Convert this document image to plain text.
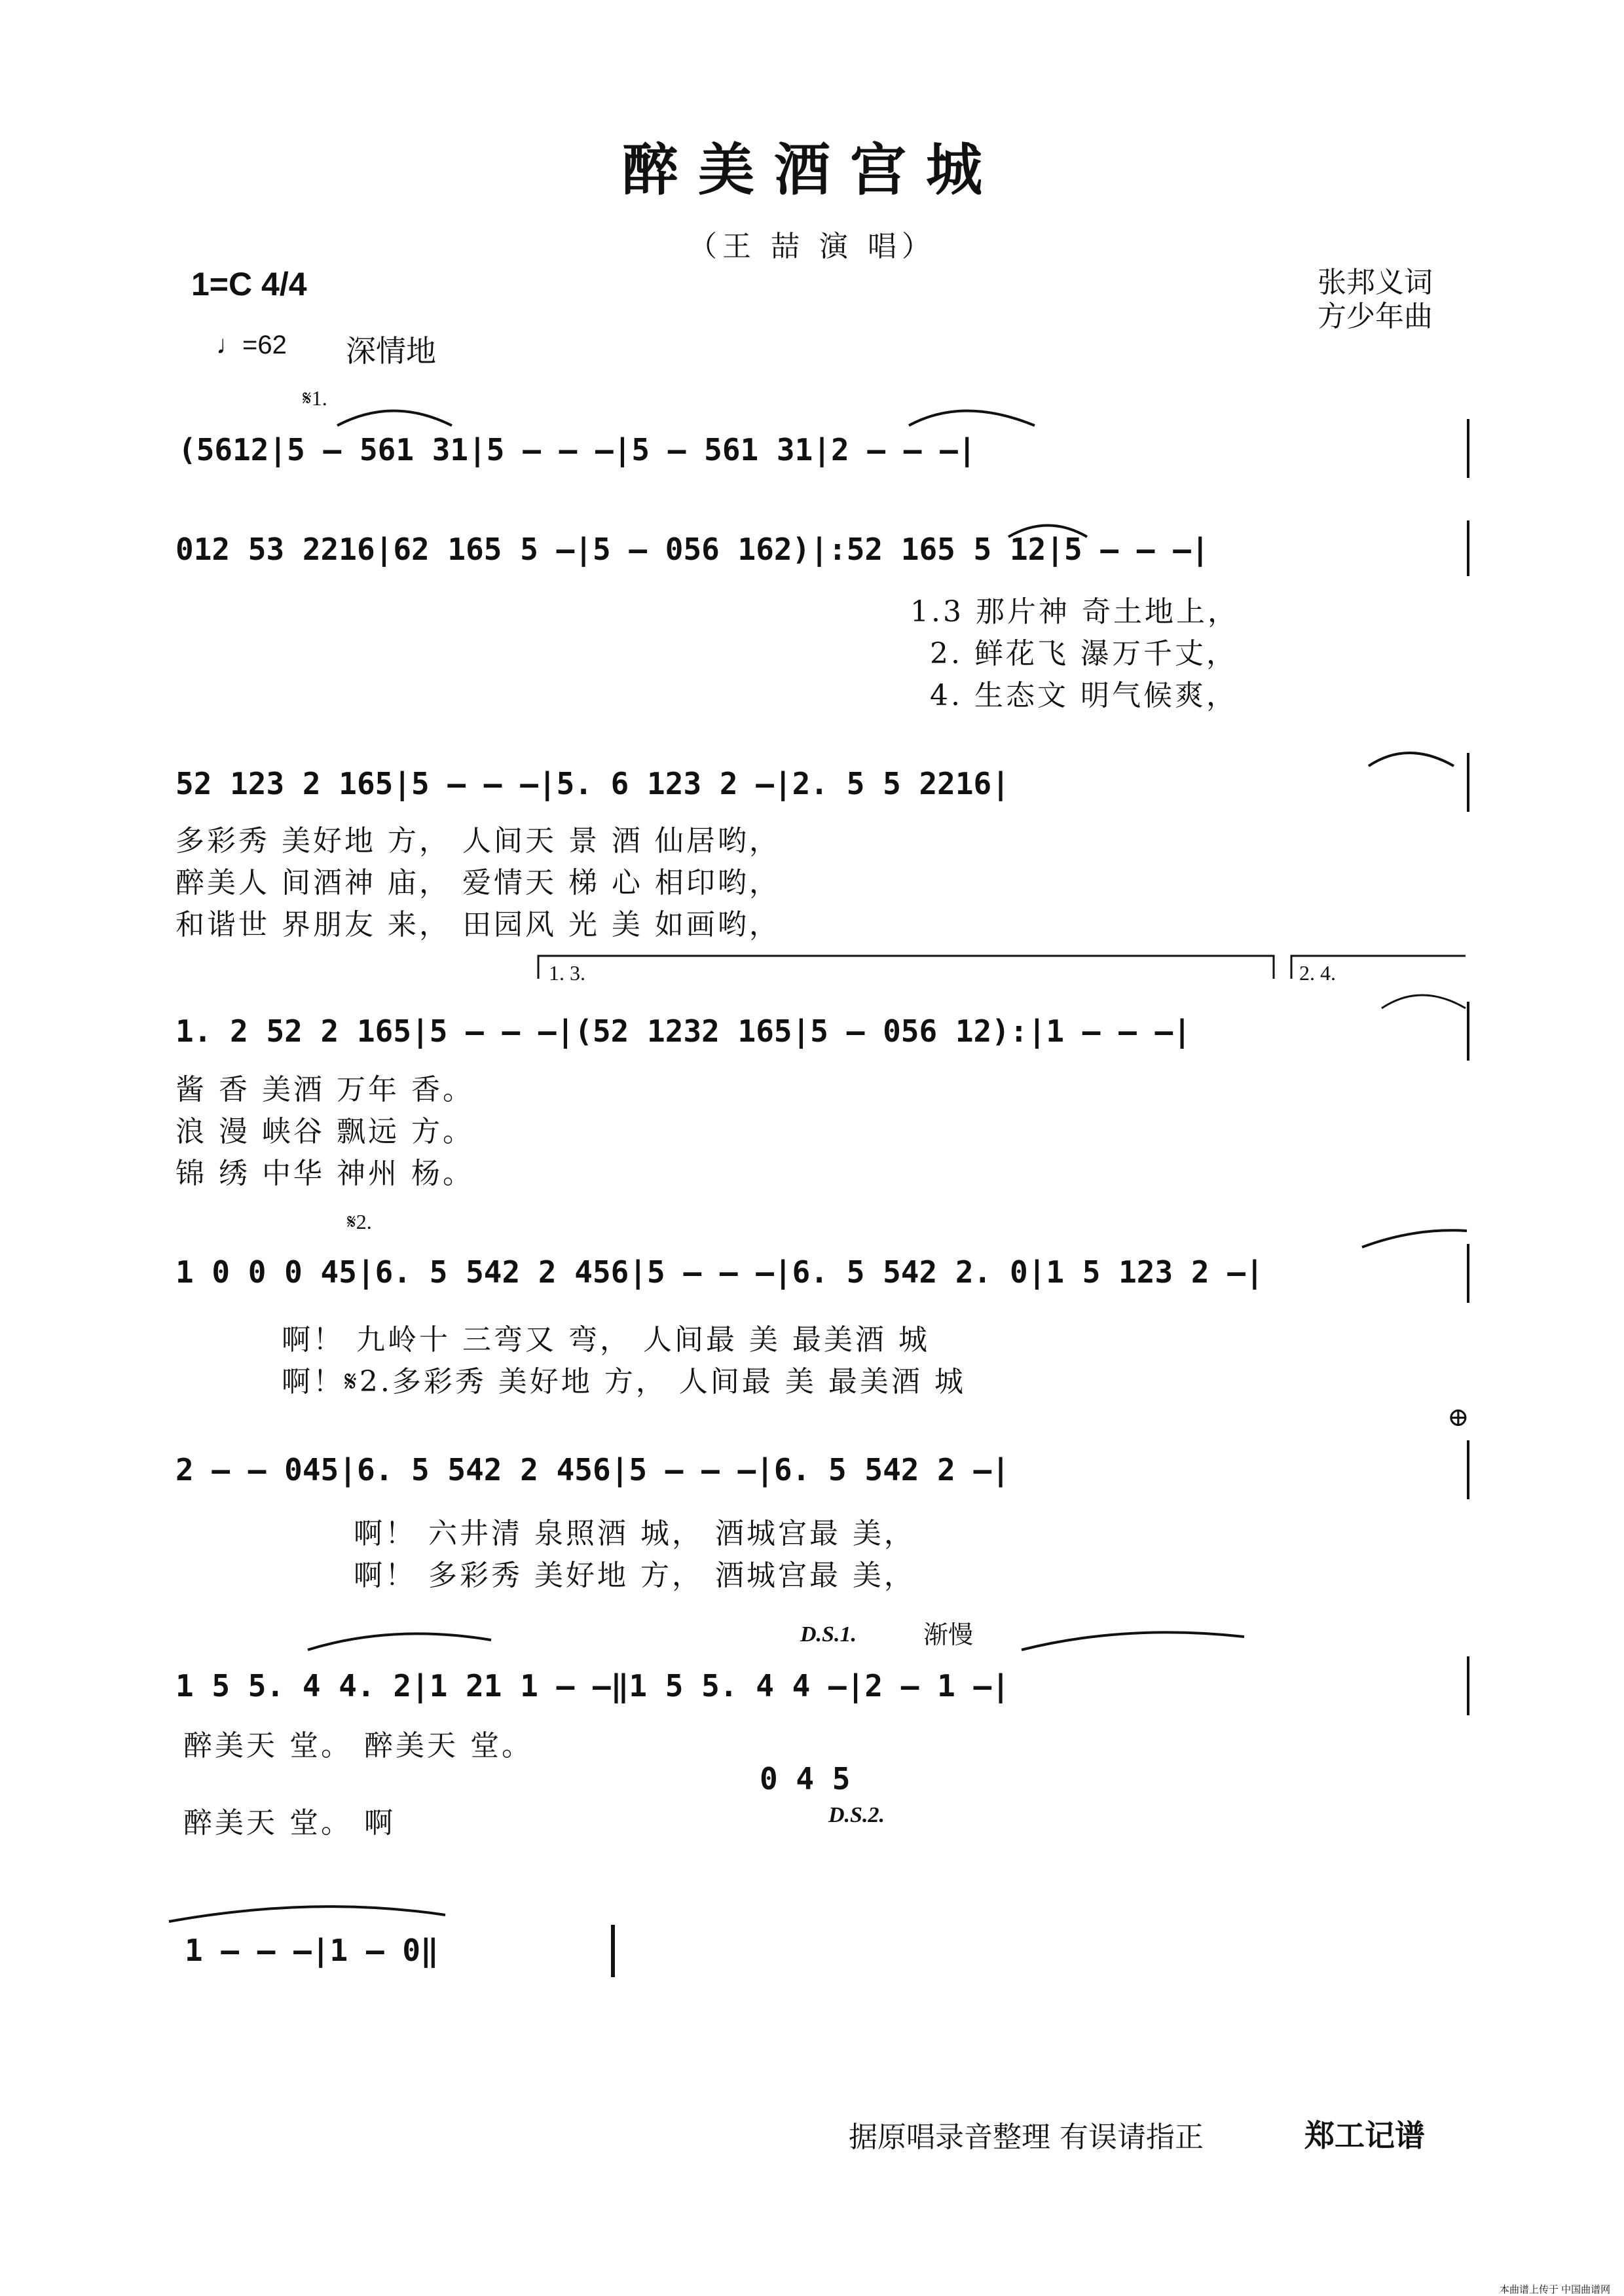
醉美酒宫城
（王 喆 演 唱）
1=C 4/4	张邦义词
方少年曲
♩=62 深情地
𝄋1.
(5612|5 – 561 31|5 – – –|5 – 561 31|2 – – –|
012 53 2216|62 165 5 –|5 – 056 162)|:52 165 5 12|5 – – –|
1.3 那片神 奇土地上，
2. 鲜花飞 瀑万千丈，
4. 生态文 明气候爽，
52 123 2 165|5 – – –|5. 6 123 2 –|2. 5 5 2216|
多彩秀 美好地 方， 人间天 景 酒 仙居哟，
醉美人 间酒神 庙， 爱情天 梯 心 相印哟，
和谐世 界朋友 来， 田园风 光 美 如画哟，
1. 3.	2. 4.
1. 2 52 2 165|5 – – –|(52 1232 165|5 – 056 12):|1 – – –|
酱 香 美酒 万年 香。
浪 漫 峡谷 飘远 方。
锦 绣 中华 神州 杨。
𝄋2.
1 0 0 0 45|6. 5 542 2 456|5 – – –|6. 5 542 2. 0|1 5 123 2 –|
啊！ 九岭十 三弯又 弯， 人间最 美 最美酒 城
啊！𝄋2.多彩秀 美好地 方， 人间最 美 最美酒 城
⊕
2 – – 045|6. 5 542 2 456|5 – – –|6. 5 542 2 –|
啊！ 六井清 泉照酒 城， 酒城宫最 美，
啊！ 多彩秀 美好地 方， 酒城宫最 美，
D.S.1.	渐慢
1 5 5. 4 4. 2|1 21 1 – –‖1 5 5. 4 4 –|2 – 1 –|
醉美天 堂。 醉美天 堂。
0 4 5
醉美天 堂。 啊	D.S.2.
1 – – –|1 – 0‖
据原唱录音整理 有误请指正	郑工记谱
本曲谱上传于 中国曲谱网
